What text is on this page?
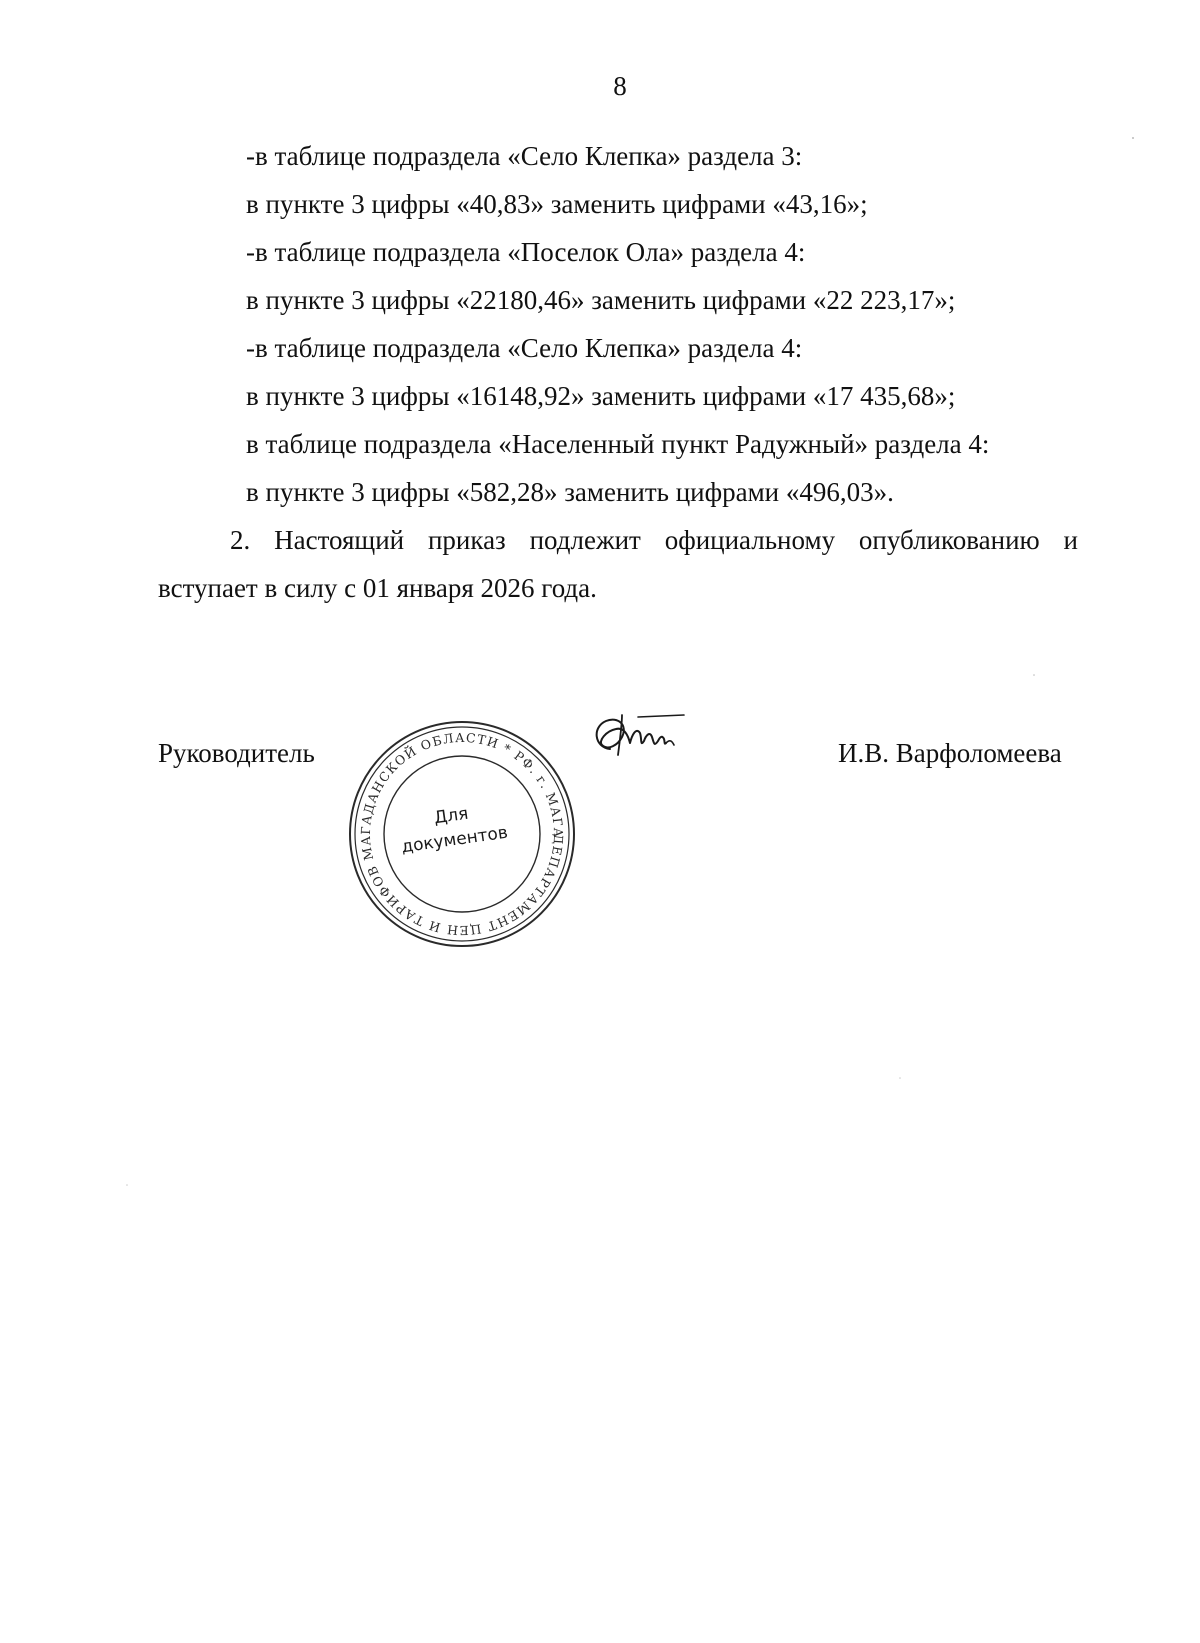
8
-в таблице подраздела «Село Клепка» раздела 3:
в пункте 3 цифры «40,83» заменить цифрами «43,16»;
-в таблице подраздела «Поселок Ола» раздела 4:
в пункте 3 цифры «22180,46» заменить цифрами «22 223,17»;
-в таблице подраздела «Село Клепка» раздела 4:
в пункте 3 цифры «16148,92» заменить цифрами «17 435,68»;
в таблице подраздела «Населенный пункт Радужный» раздела 4:
в пункте 3 цифры «582,28» заменить цифрами «496,03».
2. Настоящий приказ подлежит официальному опубликованию и
вступает в силу с 01 января 2026 года.
Руководитель	И.В. Варфоломеева
ДЕПАРТАМЕНТ ЦЕН И ТАРИФОВ МАГАДАНСКОЙ ОБЛАСТИ * РФ. г. МАГА
Для
документов
